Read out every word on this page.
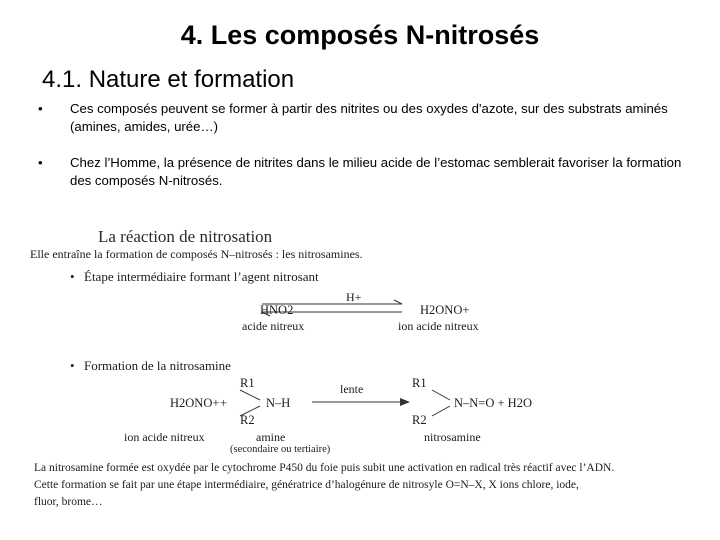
4. Les composés N-nitrosés
4.1. Nature et formation
• Ces composés peuvent se former à partir des nitrites ou des oxydes d'azote, sur des substrats aminés (amines, amides, urée…)
• Chez l’Homme, la présence de nitrites dans le milieu acide de l’estomac semblerait favoriser la formation des composés N-nitrosés.
La réaction de nitrosation
Elle entraîne la formation de composés N–nitrosés : les nitrosamines.
• Étape intermédiaire formant l’agent nitrosant
H+
HNO2	H2ONO+
acide nitreux	ion acide nitreux
• Formation de la nitrosamine
R1	lente	R1
H2ONO+ +	N–H	N–N=O + H2O
R2	R2
ion acide nitreux	amine	nitrosamine
(secondaire ou tertiaire)
La nitrosamine formée est oxydée par le cytochrome P450 du foie puis subit une activation en radical très réactif avec l’ADN.
Cette formation se fait par une étape intermédiaire, génératrice d’halogénure de nitrosyle O=N–X, X ions chlore, iode,
fluor, brome…
